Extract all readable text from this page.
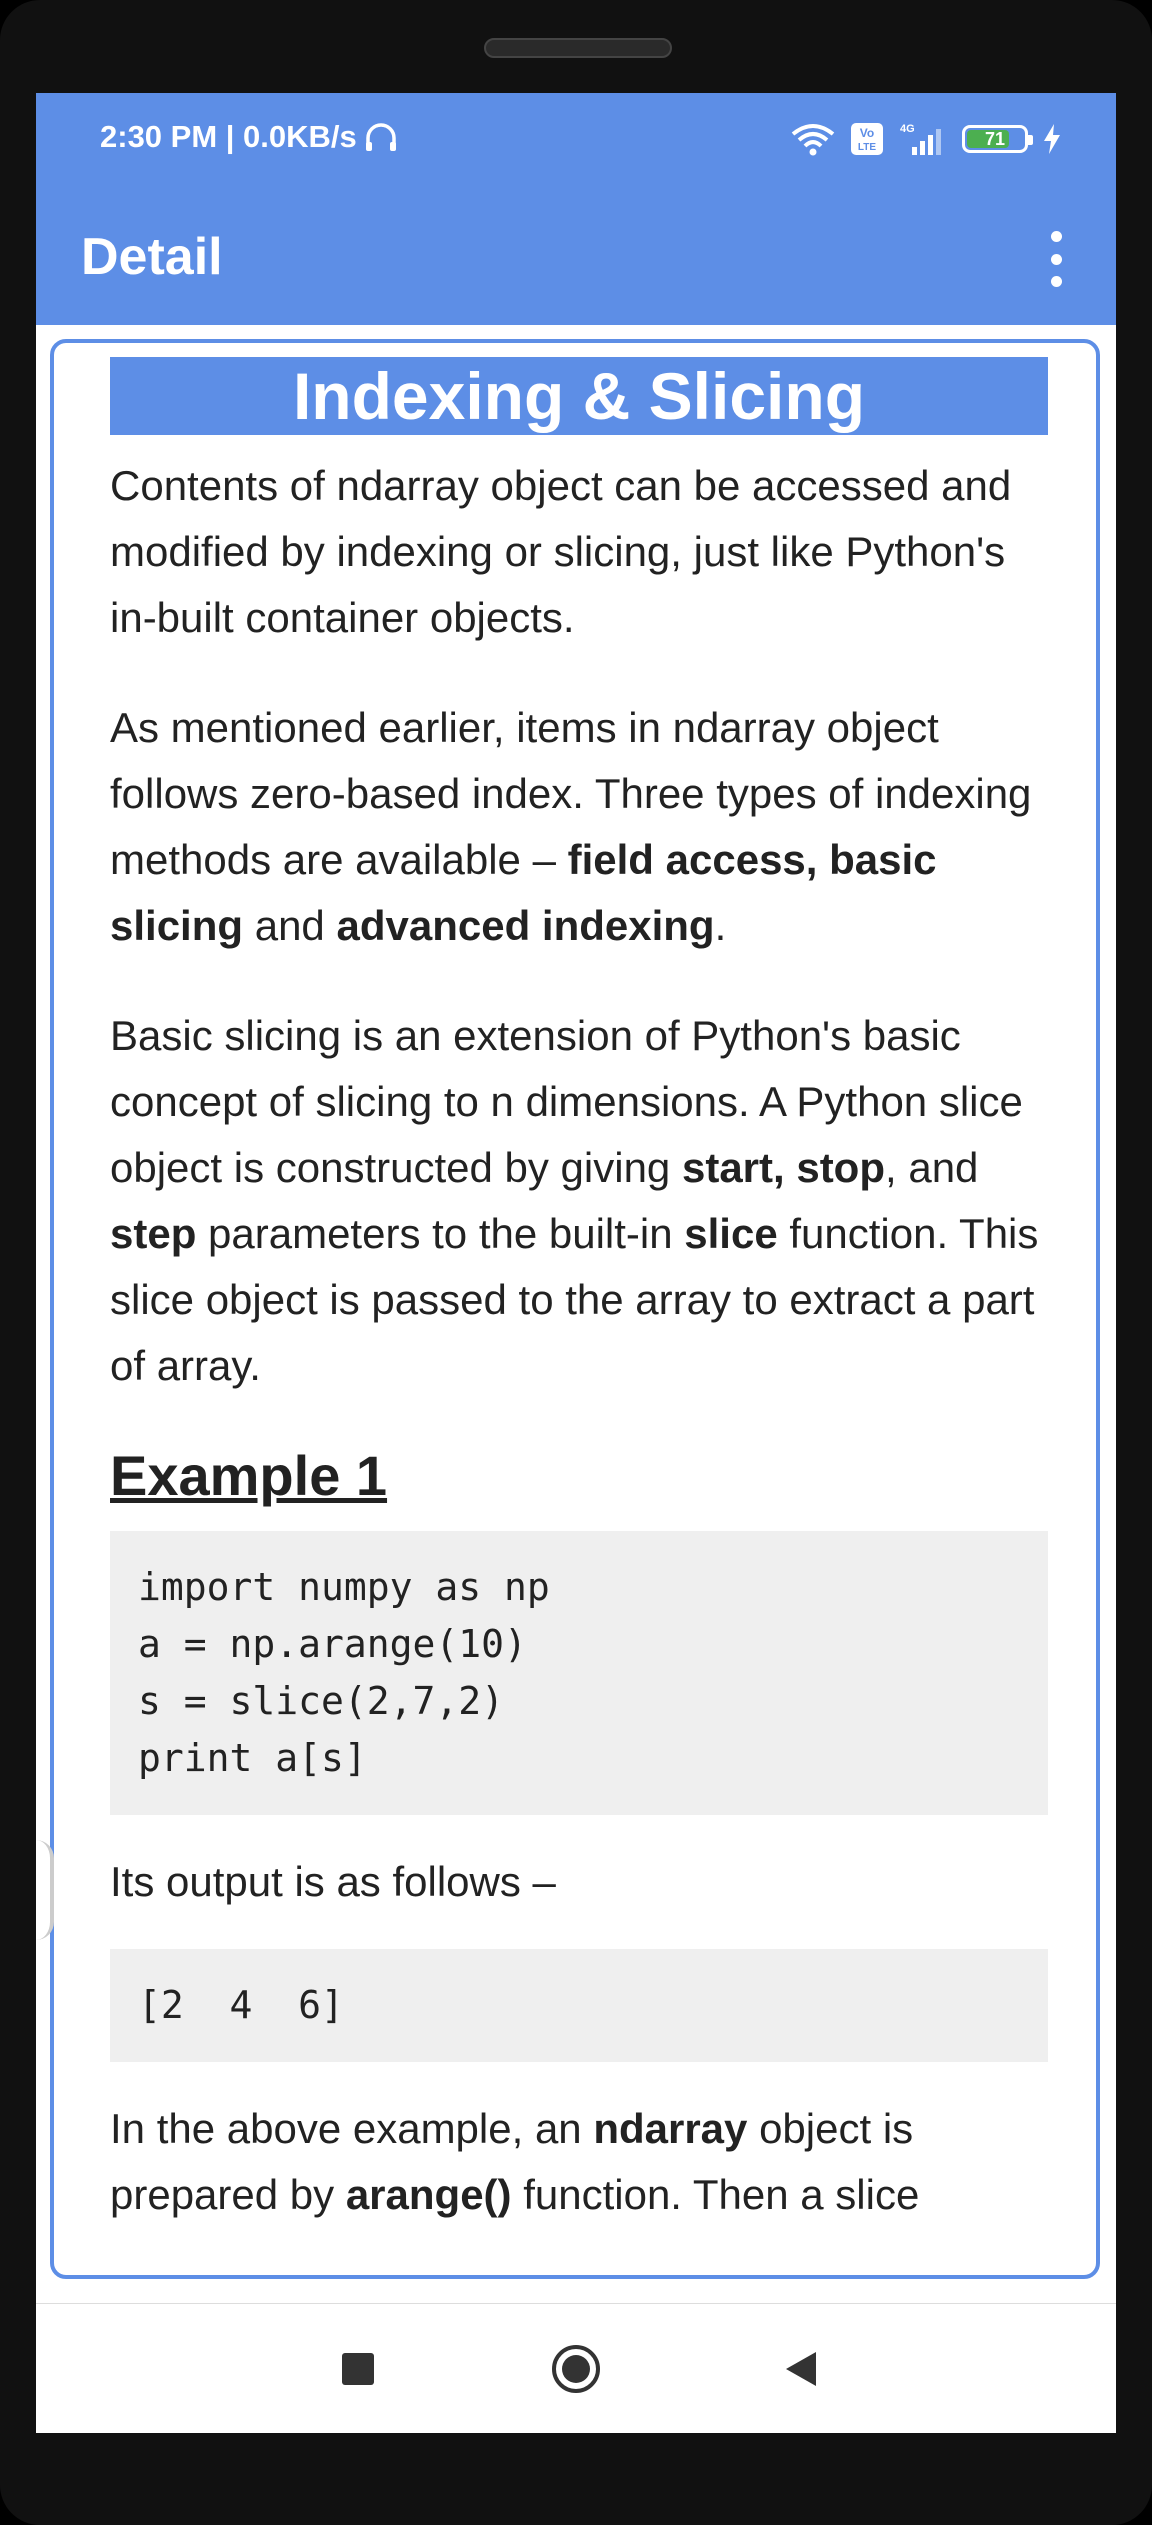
2:30 PM | 0.0KB/s	Vo
LTE
4G	71
Detail
Indexing & Slicing

Contents of ndarray object can be accessed and modified by indexing or slicing, just like Python's in-built container objects.

As mentioned earlier, items in ndarray object follows zero-based index. Three types of indexing methods are available – field access, basic slicing and advanced indexing.

Basic slicing is an extension of Python's basic concept of slicing to n dimensions. A Python slice object is constructed by giving start, stop, and step parameters to the built-in slice function. This slice object is passed to the array to extract a part of array.

Example 1
import numpy as np
a = np.arange(10)
s = slice(2,7,2)
print a[s]

Its output is as follows –

[2  4  6]

In the above example, an ndarray object is prepared by arange() function. Then a slice
